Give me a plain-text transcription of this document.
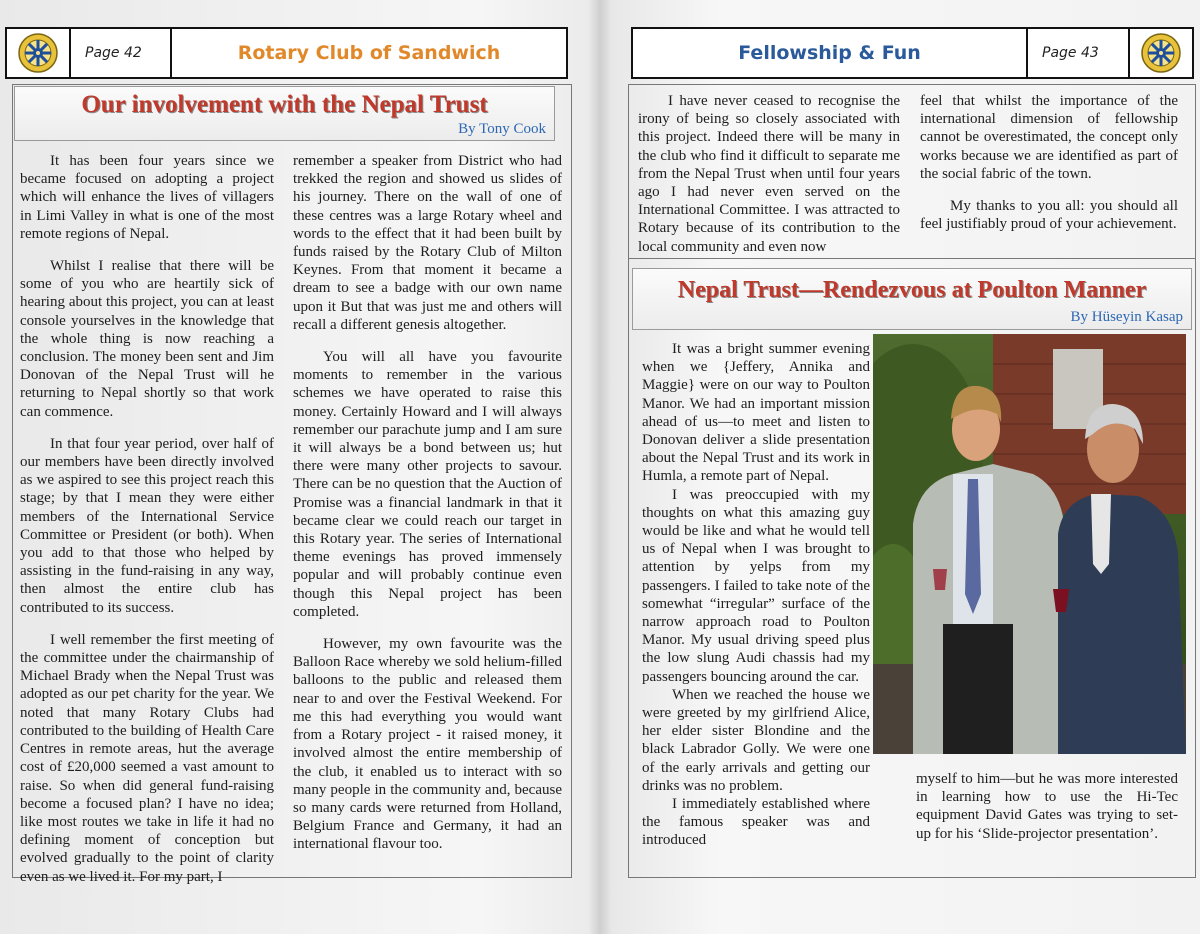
Page 42	Rotary Club of Sandwich
Our involvement with the Nepal Trust
By Tony Cook

It has been four years since we became focused on adopting a project which will enhance the lives of villagers in Limi Valley in what is one of the most remote regions of Nepal.

Whilst I realise that there will be some of you who are heartily sick of hearing about this project, you can at least console yourselves in the knowledge that the whole thing is now reaching a conclusion. The money been sent and Jim Donovan of the Nepal Trust will he returning to Nepal shortly so that work can commence.

In that four year period, over half of our members have been directly involved as we aspired to see this project reach this stage; by that I mean they were either members of the International Service Committee or President (or both). When you add to that those who helped by assisting in the fund-raising in any way, then almost the entire club has contributed to its success.

I well remember the first meeting of the committee under the chairmanship of Michael Brady when the Nepal Trust was adopted as our pet charity for the year. We noted that many Rotary Clubs had contributed to the building of Health Care Centres in remote areas, hut the average cost of £20,000 seemed a vast amount to raise. So when did general fund-raising become a focused plan? I have no idea; like most routes we take in life it had no defining moment of conception but evolved gradually to the point of clarity even as we lived it. For my part, I

remember a speaker from District who had trekked the region and showed us slides of his journey. There on the wall of one of these centres was a large Rotary wheel and words to the effect that it had been built by funds raised by the Rotary Club of Milton Keynes. From that moment it became a dream to see a badge with our own name upon it But that was just me and others will recall a different genesis altogether.

You will all have you favourite moments to remember in the various schemes we have operated to raise this money. Certainly Howard and I will always remember our parachute jump and I am sure it will always be a bond between us; hut there were many other projects to savour. There can be no question that the Auction of Promise was a financial landmark in that it became clear we could reach our target in this Rotary year. The series of International theme evenings has proved immensely popular and will probably continue even though this Nepal project has been completed.

However, my own favourite was the Balloon Race whereby we sold helium-filled balloons to the public and released them near to and over the Festival Weekend. For me this had everything you would want from a Rotary project - it raised money, it involved almost the entire membership of the club, it enabled us to interact with so many people in the community and, because so many cards were returned from Holland, Belgium France and Germany, it had an international flavour too.

Fellowship & Fun	Page 43

I have never ceased to recognise the irony of being so closely associated with this project. Indeed there will be many in the club who find it difficult to separate me from the Nepal Trust when until four years ago I had never even served on the International Committee. I was attracted to Rotary because of its contribution to the local community and even now

feel that whilst the importance of the international dimension of fellowship cannot be overestimated, the concept only works because we are identified as part of the social fabric of the town.

My thanks to you all: you should all feel justifiably proud of your achievement.

Nepal Trust—Rendezvous at Poulton Manner
By Hüseyin Kasap

It was a bright summer evening when we {Jeffery, Annika and Maggie} were on our way to Poulton Manor. We had an important mission ahead of us—to meet and listen to Donovan deliver a slide presentation about the Nepal Trust and its work in Humla, a remote part of Nepal.

I was preoccupied with my thoughts on what this amazing guy would be like and what he would tell us of Nepal when I was brought to attention by yelps from my passengers. I failed to take note of the somewhat “irregular” surface of the narrow approach road to Poulton Manor. My usual driving speed plus the low slung Audi chassis had my passengers bouncing around the car.

When we reached the house we were greeted by my girlfriend Alice, her elder sister Blondine and the black Labrador Golly. We were one of the early arrivals and getting our drinks was no problem.

I immediately established where the famous speaker was and introduced

myself to him—but he was more interested in learning how to use the Hi-Tec equipment David Gates was trying to set-up for his ‘Slide-projector presentation’.
